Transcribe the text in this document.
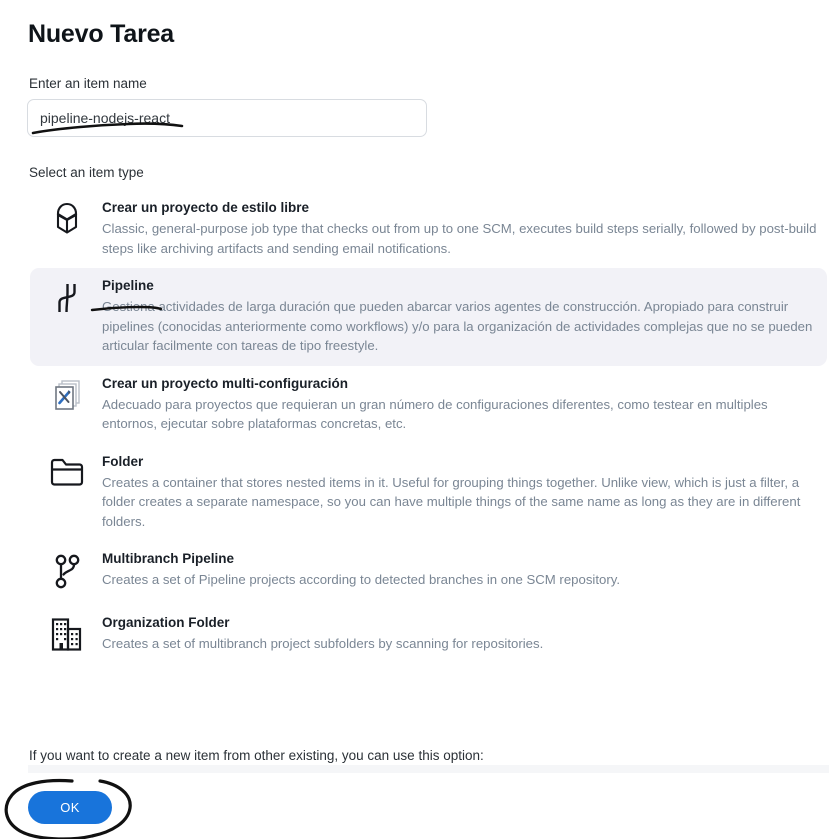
Nuevo Tarea
Enter an item name
pipeline-nodejs-react
Select an item type
Crear un proyecto de estilo libre
Classic, general-purpose job type that checks out from up to one SCM, executes build steps serially, followed by post-build steps like archiving artifacts and sending email notifications.
Pipeline
Gestiona actividades de larga duración que pueden abarcar varios agentes de construcción. Apropiado para construir pipelines (conocidas anteriormente como workflows) y/o para la organización de actividades complejas que no se pueden articular facilmente con tareas de tipo freestyle.
Crear un proyecto multi-configuración
Adecuado para proyectos que requieran un gran número de configuraciones diferentes, como testear en multiples entornos, ejecutar sobre plataformas concretas, etc.
Folder
Creates a container that stores nested items in it. Useful for grouping things together. Unlike view, which is just a filter, a folder creates a separate namespace, so you can have multiple things of the same name as long as they are in different folders.
Multibranch Pipeline
Creates a set of Pipeline projects according to detected branches in one SCM repository.
Organization Folder
Creates a set of multibranch project subfolders by scanning for repositories.
If you want to create a new item from other existing, you can use this option:
OK
